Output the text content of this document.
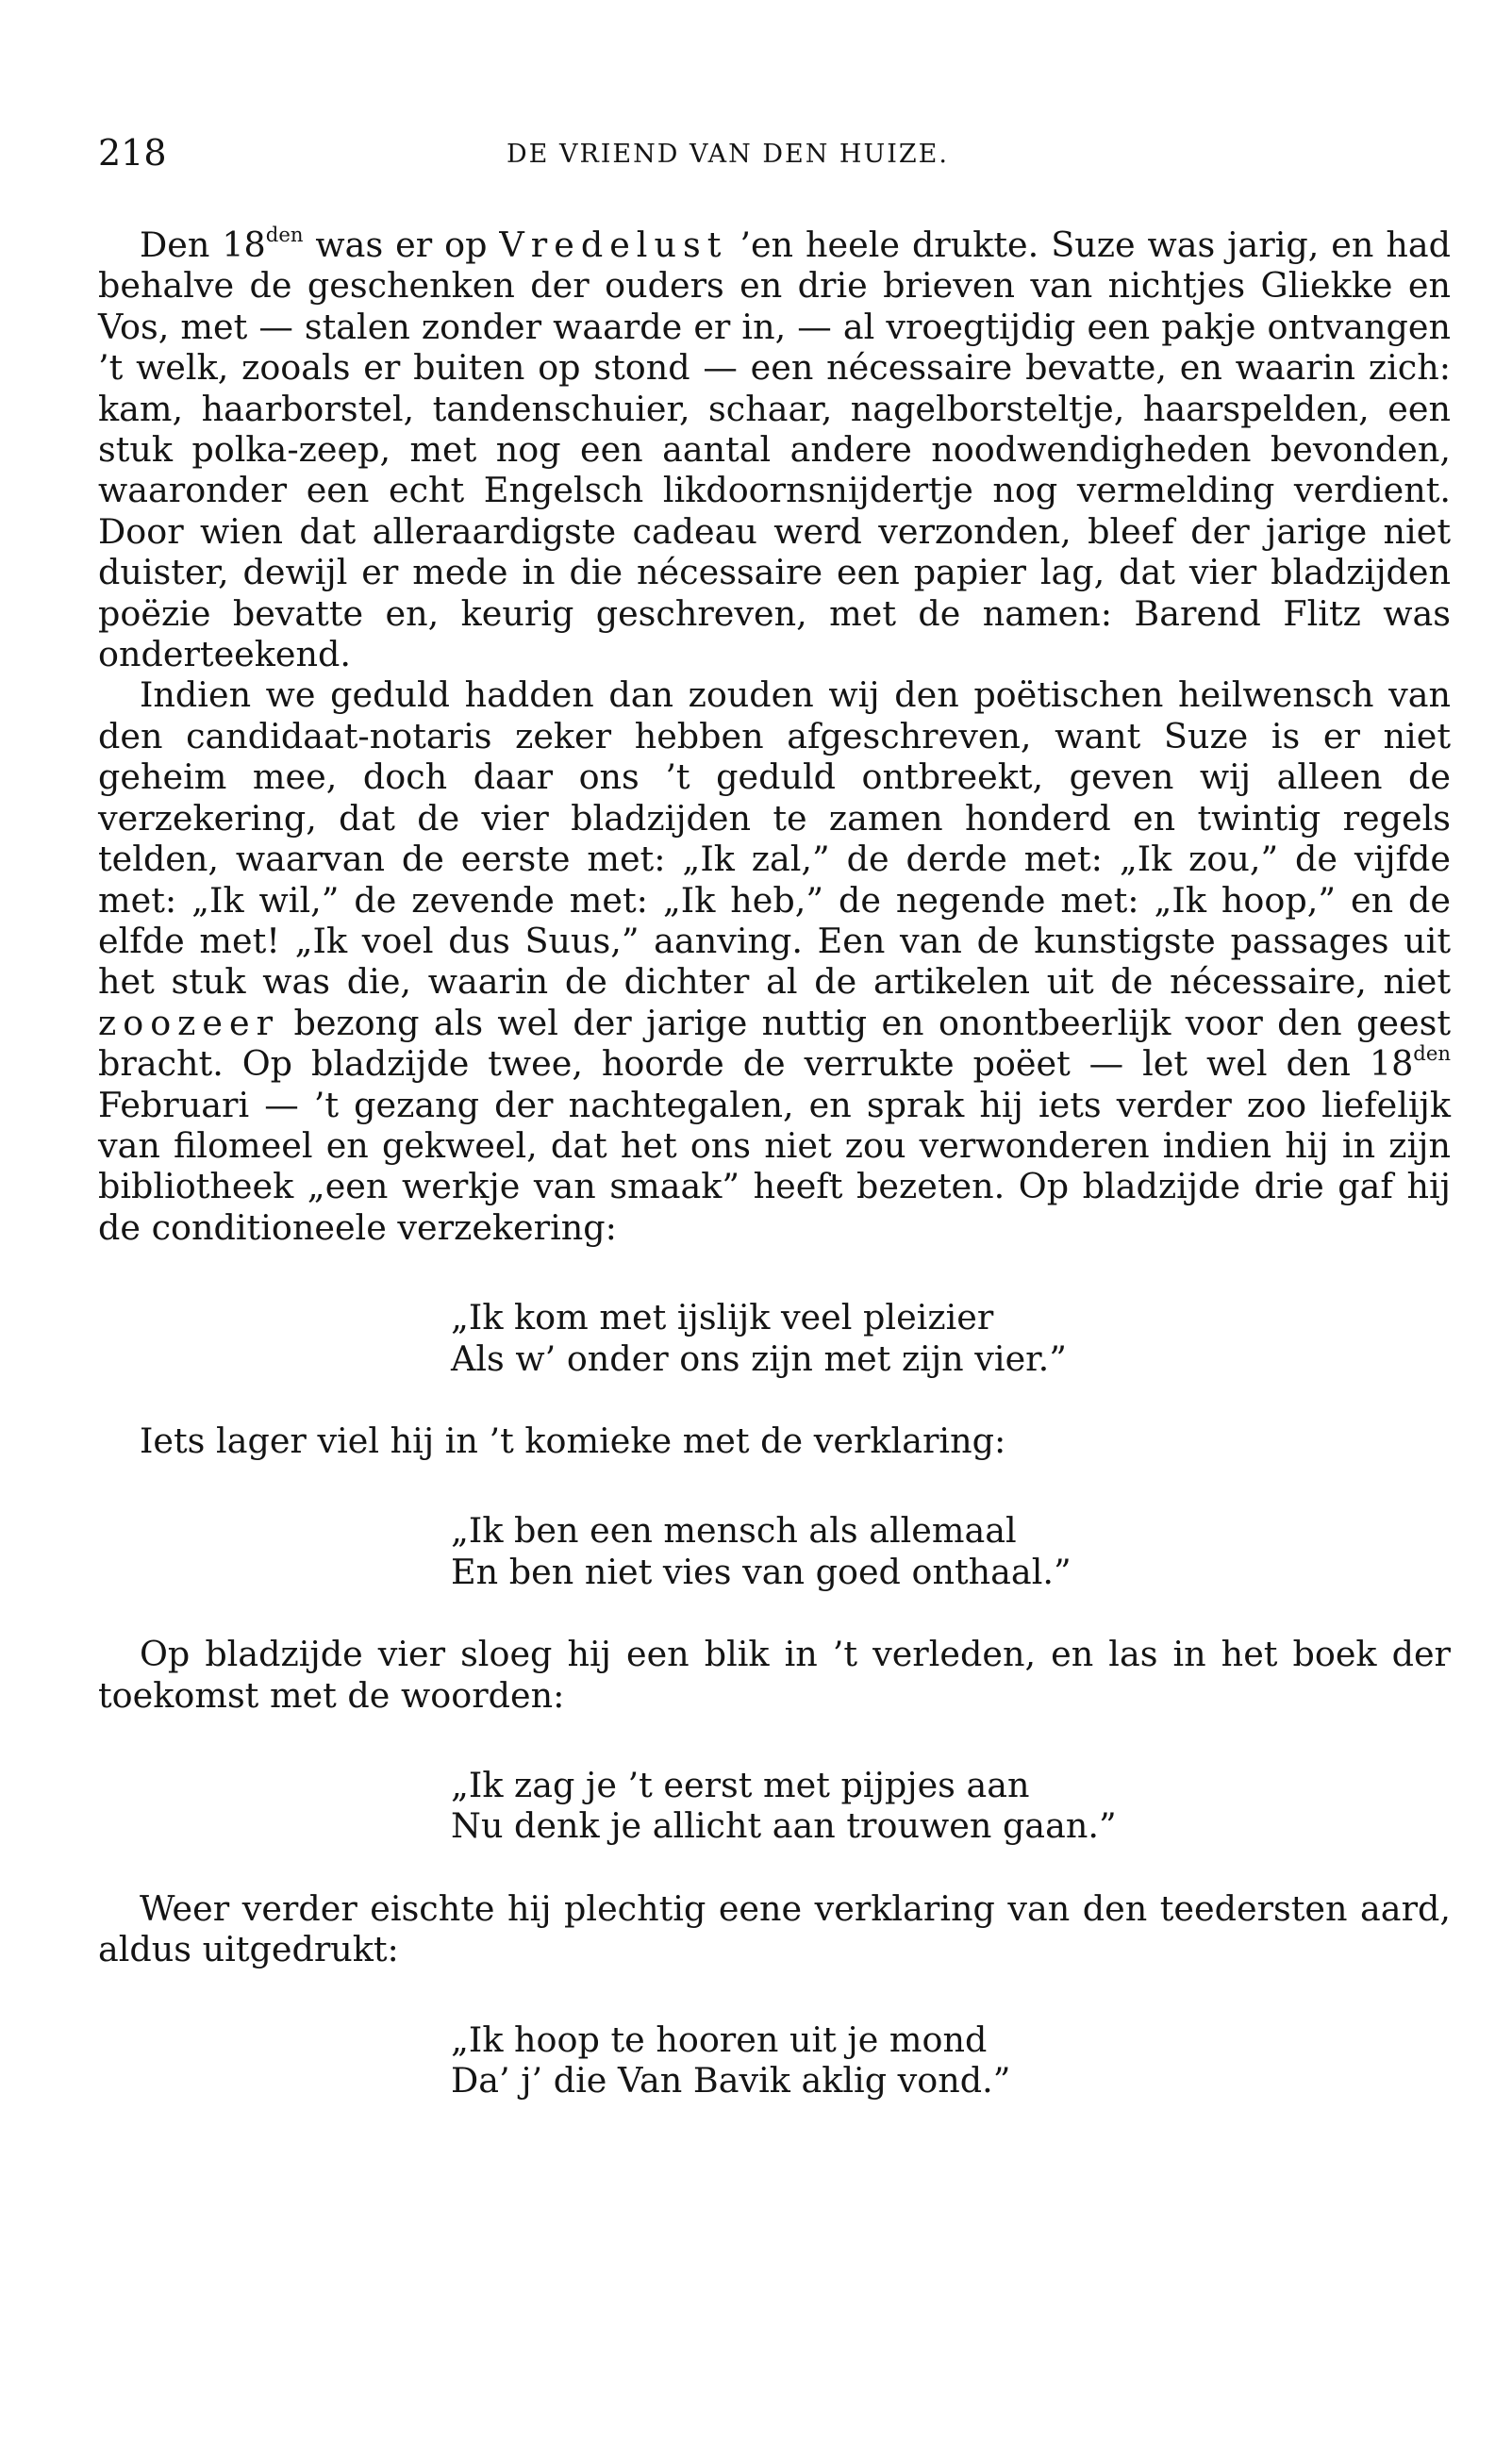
218	DE VRIEND VAN DEN HUIZE.

Den $18^{den}$ was er op Vredelust ’en heele drukte. Suze was jarig, en had behalve de geschenken der ouders en drie brieven van nichtjes Gliekke en Vos, met — stalen zonder waarde er in, — al vroegtijdig een pakje ontvangen ’t welk, zooals er buiten op stond — een nécessaire bevatte, en waarin zich: kam, haarborstel, tandenschuier, schaar, nagelborsteltje, haarspelden, een stuk polka-zeep, met nog een aantal andere noodwendigheden bevonden, waaronder een echt Engelsch likdoornsnijdertje nog vermelding verdient. Door wien dat alleraardigste cadeau werd verzonden, bleef der jarige niet duister, dewijl er mede in die nécessaire een papier lag, dat vier bladzijden poëzie bevatte en, keurig geschreven, met de namen: Barend Flitz was onderteekend.

Indien we geduld hadden dan zouden wij den poëtischen heilwensch van den candidaat-notaris zeker hebben afgeschreven, want Suze is er niet geheim mee, doch daar ons ’t geduld ontbreekt, geven wij alleen de verzekering, dat de vier bladzijden te zamen honderd en twintig regels telden, waarvan de eerste met: „Ik zal,” de derde met: „Ik zou,” de vijfde met: „Ik wil,” de zevende met: „Ik heb,” de negende met: „Ik hoop,” en de elfde met! „Ik voel dus Suus,” aanving. Een van de kunstigste passages uit het stuk was die, waarin de dichter al de artikelen uit de nécessaire, niet zoozeer bezong als wel der jarige nuttig en onontbeerlijk voor den geest bracht. Op bladzijde twee, hoorde de verrukte poëet — let wel den $18^{den}$ Februari — ’t gezang der nachtegalen, en sprak hij iets verder zoo liefelijk van filomeel en gekweel, dat het ons niet zou verwonderen indien hij in zijn bibliotheek „een werkje van smaak” heeft bezeten. Op bladzijde drie gaf hij de conditioneele verzekering:

„Ik kom met ijslijk veel pleizier
Als w’ onder ons zijn met zijn vier.”

Iets lager viel hij in ’t komieke met de verklaring:

„Ik ben een mensch als allemaal
En ben niet vies van goed onthaal.”

Op bladzijde vier sloeg hij een blik in ’t verleden, en las in het boek der toekomst met de woorden:

„Ik zag je ’t eerst met pijpjes aan
Nu denk je allicht aan trouwen gaan.”

Weer verder eischte hij plechtig eene verklaring van den teedersten aard, aldus uitgedrukt:

„Ik hoop te hooren uit je mond
Da’ j’ die Van Bavik aklig vond.”
